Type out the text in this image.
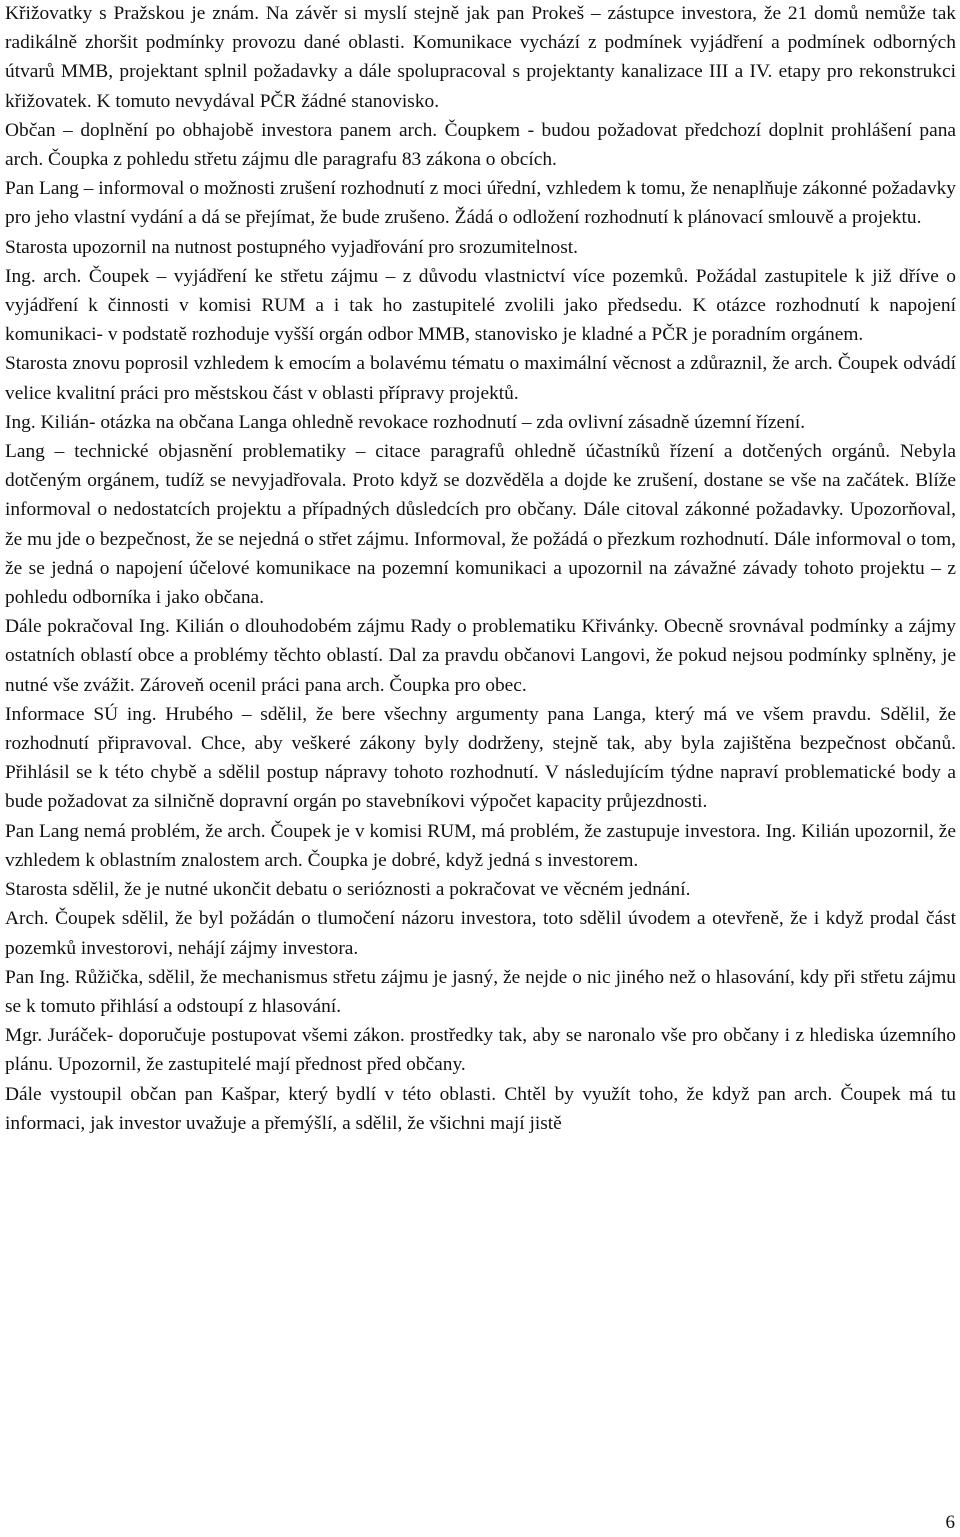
Křižovatky s Pražskou je znám. Na závěr si myslí stejně jak pan Prokeš – zástupce investora, že 21 domů nemůže tak radikálně zhoršit podmínky provozu dané oblasti. Komunikace vychází z podmínek vyjádření a podmínek odborných útvarů MMB, projektant splnil požadavky a dále spolupracoval s projektanty kanalizace III a IV. etapy pro rekonstrukci křižovatek. K tomuto nevydával PČR žádné stanovisko.

Občan – doplnění po obhajobě investora panem arch. Čoupkem - budou požadovat předchozí doplnit prohlášení pana arch. Čoupka z pohledu střetu zájmu dle paragrafu 83 zákona o obcích.

Pan Lang – informoval o možnosti zrušení rozhodnutí z moci úřední, vzhledem k tomu, že nenaplňuje zákonné požadavky pro jeho vlastní vydání a dá se přejímat, že bude zrušeno. Žádá o odložení rozhodnutí k plánovací smlouvě a projektu.

Starosta upozornil na nutnost postupného vyjadřování pro srozumitelnost.

Ing. arch. Čoupek – vyjádření ke střetu zájmu – z důvodu vlastnictví více pozemků. Požádal zastupitele k již dříve o vyjádření k činnosti v komisi RUM a i tak ho zastupitelé zvolili jako předsedu. K otázce rozhodnutí k napojení komunikaci- v podstatě rozhoduje vyšší orgán odbor MMB, stanovisko je kladné a PČR je poradním orgánem.

Starosta znovu poprosil vzhledem k emocím a bolavému tématu o maximální věcnost a zdůraznil, že arch. Čoupek odvádí velice kvalitní práci pro městskou část v oblasti přípravy projektů.

Ing. Kilián- otázka na občana Langa ohledně revokace rozhodnutí – zda ovlivní zásadně územní řízení.

Lang – technické objasnění problematiky – citace paragrafů ohledně účastníků řízení a dotčených orgánů. Nebyla dotčeným orgánem, tudíž se nevyjadřovala. Proto když se dozvěděla a dojde ke zrušení, dostane se vše na začátek. Blíže informoval o nedostatcích projektu a případných důsledcích pro občany. Dále citoval zákonné požadavky. Upozorňoval, že mu jde o bezpečnost, že se nejedná o střet zájmu. Informoval, že požádá o přezkum rozhodnutí. Dále informoval o tom, že se jedná o napojení účelové komunikace na pozemní komunikaci a upozornil na závažné závady tohoto projektu – z pohledu odborníka i jako občana.

Dále pokračoval Ing. Kilián o dlouhodobém zájmu Rady o problematiku Křivánky. Obecně srovnával podmínky a zájmy ostatních oblastí obce a problémy těchto oblastí. Dal za pravdu občanovi Langovi, že pokud nejsou podmínky splněny, je nutné vše zvážit. Zároveň ocenil práci pana arch. Čoupka pro obec.

Informace SÚ ing. Hrubého – sdělil, že bere všechny argumenty pana Langa, který má ve všem pravdu. Sdělil, že rozhodnutí připravoval. Chce, aby veškeré zákony byly dodrženy, stejně tak, aby byla zajištěna bezpečnost občanů. Přihlásil se k této chybě a sdělil postup nápravy tohoto rozhodnutí. V následujícím týdne napraví problematické body a bude požadovat za silničně dopravní orgán po stavebníkovi výpočet kapacity průjezdnosti.

Pan Lang nemá problém, že arch. Čoupek je v komisi RUM, má problém, že zastupuje investora. Ing. Kilián upozornil, že vzhledem k oblastním znalostem arch. Čoupka je dobré, když jedná s investorem.

Starosta sdělil, že je nutné ukončit debatu o serióznosti a pokračovat ve věcném jednání.

Arch. Čoupek sdělil, že byl požádán o tlumočení názoru investora, toto sdělil úvodem a otevřeně, že i když prodal část pozemků investorovi, nehájí zájmy investora.

Pan Ing. Růžička, sdělil, že mechanismus střetu zájmu je jasný, že nejde o nic jiného než o hlasování, kdy při střetu zájmu se k tomuto přihlásí a odstoupí z hlasování.

Mgr. Juráček- doporučuje postupovat všemi zákon. prostředky tak, aby se naronalo vše pro občany i z hlediska územního plánu. Upozornil, že zastupitelé mají přednost před občany.

Dále vystoupil občan pan Kašpar, který bydlí v této oblasti. Chtěl by využít toho, že když pan arch. Čoupek má tu informaci, jak investor uvažuje a přemýšlí, a sdělil, že všichni mají jistě

6
